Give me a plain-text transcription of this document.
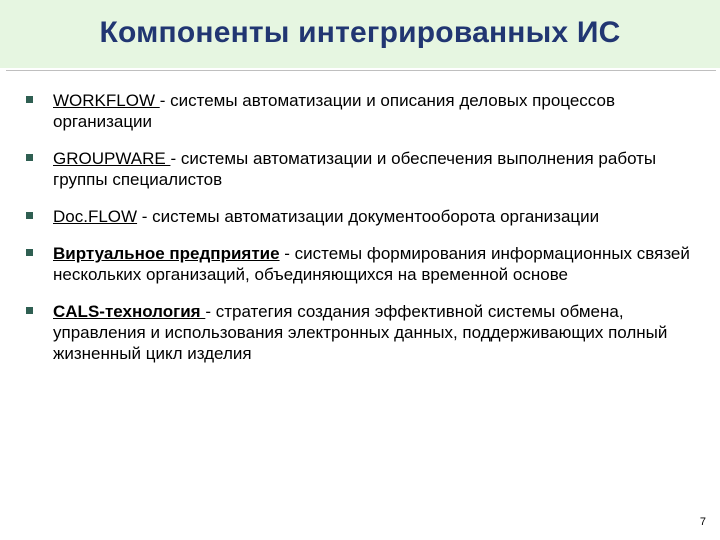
Компоненты интегрированных ИС
WORKFLOW - системы автоматизации и описания деловых процессов организации
GROUPWARE - системы автоматизации и обеспечения выполнения работы группы специалистов
Doc.FLOW - системы автоматизации документооборота организации
Виртуальное предприятие - системы формирования информационных связей нескольких организаций, объединяющихся на временной основе
CALS-технология - стратегия создания эффективной системы обмена, управления и использования электронных данных, поддерживающих полный жизненный цикл изделия
7
